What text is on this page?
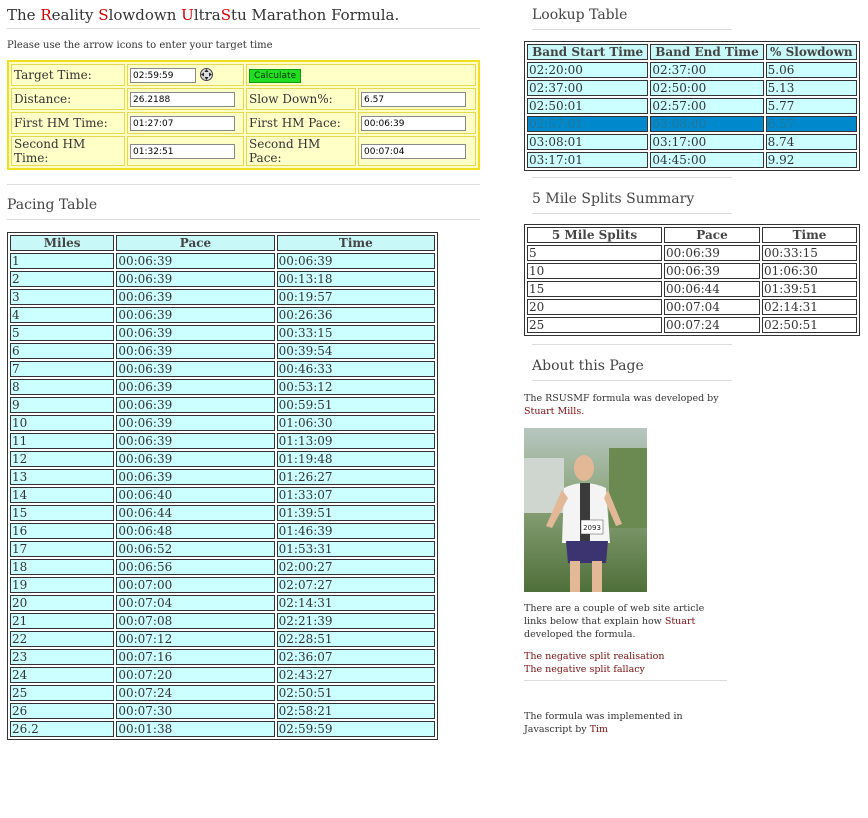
The Reality Slowdown UltraStu Marathon Formula.
Please use the arrow icons to enter your target time
Target Time:	02:59:59	Calculate	
Distance:	26.2188	Slow Down%:	6.57
First HM Time:	01:27:07	First HM Pace:	00:06:39
Second HM Time:	01:32:51	Second HM Pace:	00:07:04
Pacing Table
Miles	Pace	Time
1	00:06:39	00:06:39
2	00:06:39	00:13:18
3	00:06:39	00:19:57
4	00:06:39	00:26:36
5	00:06:39	00:33:15
6	00:06:39	00:39:54
7	00:06:39	00:46:33
8	00:06:39	00:53:12
9	00:06:39	00:59:51
10	00:06:39	01:06:30
11	00:06:39	01:13:09
12	00:06:39	01:19:48
13	00:06:39	01:26:27
14	00:06:40	01:33:07
15	00:06:44	01:39:51
16	00:06:48	01:46:39
17	00:06:52	01:53:31
18	00:06:56	02:00:27
19	00:07:00	02:07:27
20	00:07:04	02:14:31
21	00:07:08	02:21:39
22	00:07:12	02:28:51
23	00:07:16	02:36:07
24	00:07:20	02:43:27
25	00:07:24	02:50:51
26	00:07:30	02:58:21
26.2	00:01:38	02:59:59
Lookup Table
Band Start Time	Band End Time	% Slowdown
02:20:00	02:37:00	5.06
02:37:00	02:50:00	5.13
02:50:01	02:57:00	5.77
02:57:01	03:08:00	6.57
03:08:01	03:17:00	8.74
03:17:01	04:45:00	9.92
5 Mile Splits Summary
5 Mile Splits	Pace	Time
5	00:06:39	00:33:15
10	00:06:39	01:06:30
15	00:06:44	01:39:51
20	00:07:04	02:14:31
25	00:07:24	02:50:51
About this Page
The RSUSMF formula was developed by
Stuart Mills.
2093
There are a couple of web site article links below that explain how Stuart developed the formula.
The negative split realisation
The negative split fallacy
The formula was implemented in Javascript by Tim
